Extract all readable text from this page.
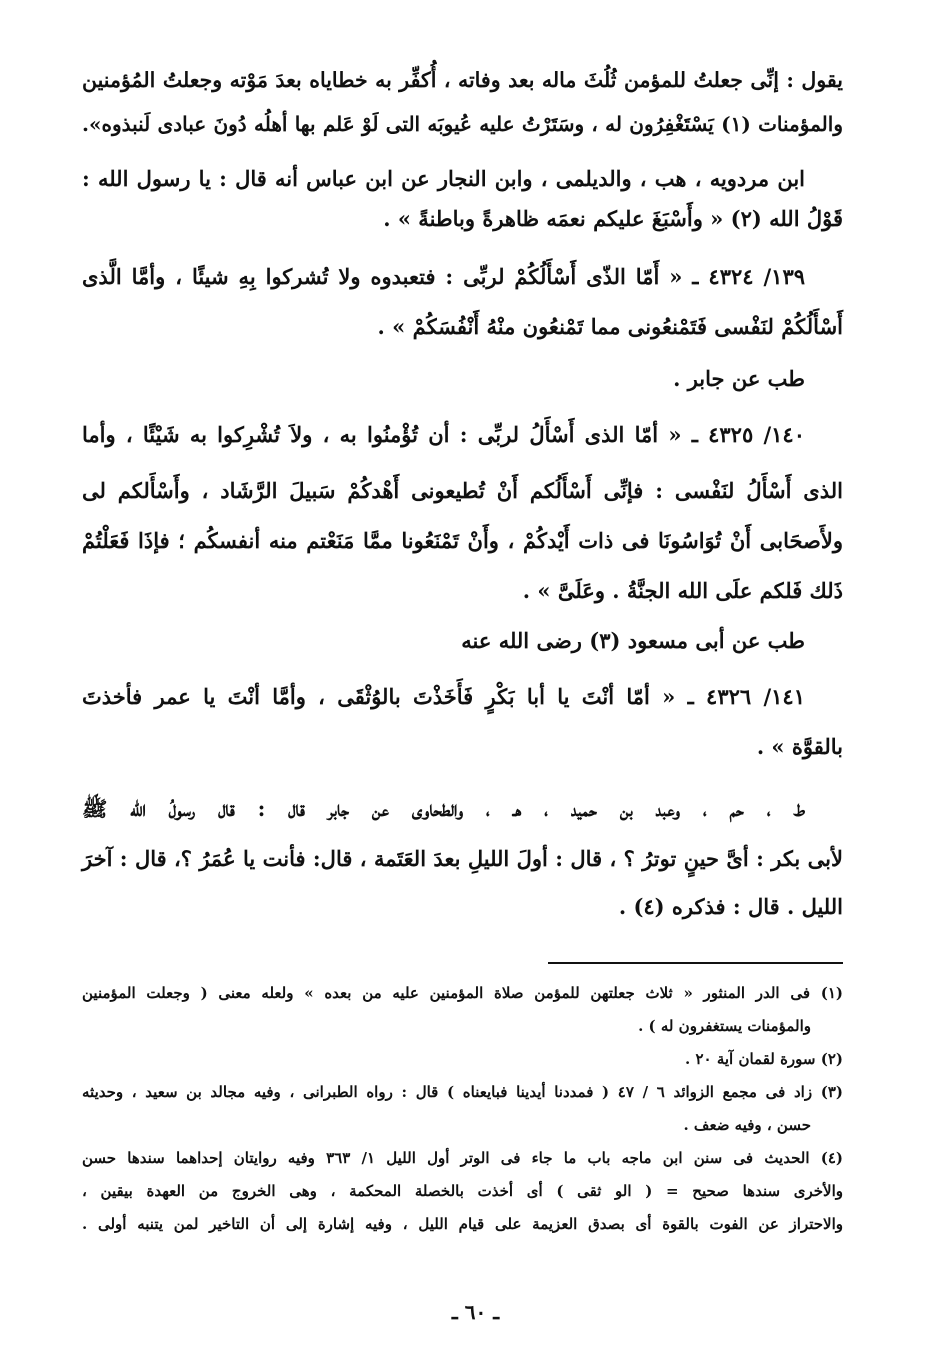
يقول : إنِّى جعلتُ للمؤمن ثُلُثَ ماله بعد وفاته ، أُكفِّر به خطاياه بعدَ مَوْته وجعلتُ المُؤمنين
والمؤمنات (١) يَسْتَغْفِرُون له ، وسَتَرْتُ عليه عُيوبَه التى لَوْ عَلم بها أهلُه دُونَ عبادى لَنبذوه».
ابن مردويه ، هب ، والديلمى ، وابن النجار عن ابن عباس أنه قال : يا رسول الله :
قَوْلُ الله (٢) « وأَسْبَغَ عليكم نعمَه ظاهرةً وباطنةً » .
١٣٩/ ٤٣٢٤ ـ « أَمّا الذّى أَسْأَلُكُمْ لربِّى : فتعبدوه ولا تُشركوا بِهِ شيئًا ، وأمَّا الَّذى
أَسْأَلُكُمْ لنَفْسى فَتَمْنعُونى مما تَمْنعُون منْهُ أَنْفُسَكُمْ » .
طب عن جابر .
١٤٠/ ٤٣٢٥ ـ « أمّا الذى أَسْأَلُ لربِّى : أن تُؤْمنُوا به ، ولاَ تُشْرِكوا به شَيْئًا ، وأما
الذى أَسْأَلُ لنَفْسى : فإنِّى أَسْأَلُكم أَنْ تُطيعونى أَهْدكُمْ سَبيلَ الرَّشَاد ، وأَسْأَلكم لى
ولأَصحَابى أَنْ تُوَاسُونَا فى ذات أَيْدكُمْ ، وأَنْ تَمْنَعُونا ممَّا مَنَعْتم منه أنفسكُم ؛ فإذَا فَعَلْتُمْ
ذَلك فَلكم علَى الله الجنَّةُ . وعَلَىَّ » .
طب عن أبى مسعود (٣) رضى الله عنه
١٤١/ ٤٣٢٦ ـ « أمّا أنْتَ يا أبا بَكْرٍ فَأَخَذْتَ بالوُثْقَى ، وأمَّا أنْتَ يا عمر فأخذتَ
بالقوَّة » .
ط ، حم ، وعبد بن حميد ، هـ ، والطحاوى عن جابر قال : قال رسولُ الله ﷺ
لأبى بكر : أىَّ حينٍ توترُ ؟ ، قال : أولَ الليلِ بعدَ العَتَمة ، قال: فأنت يا عُمَرُ ؟، قال : آخرَ
الليل . قال : فذكره (٤) .
(١) فى الدر المنثور « ثلاث جعلتهن للمؤمن صلاة المؤمنين عليه من بعده » ولعله معنى ( وجعلت المؤمنين
والمؤمنات يستغفرون له ) .
(٢) سورة لقمان آية ٢٠ .
(٣) زاد فى مجمع الزوائد ٦ / ٤٧ ( فمددنا أيدينا فبايعناه ) قال : رواه الطبرانى ، وفيه مجالد بن سعيد ، وحديثه
حسن ، وفيه ضعف .
(٤) الحديث فى سنن ابن ماجه باب ما جاء فى الوتر أول الليل ١/ ٣٦٣ وفيه روايتان إحداهما سندها حسن
والأخرى سندها صحيح = ( الو ثقى ) أى أخذت بالخصلة المحكمة ، وهى الخروج من العهدة بيقين ،
والاحتراز عن الفوت بالقوة أى بصدق العزيمة على قيام الليل ، وفيه إشارة إلى أن التاخير لمن يتنبه أولى .
ـ ٦٠ ـ
